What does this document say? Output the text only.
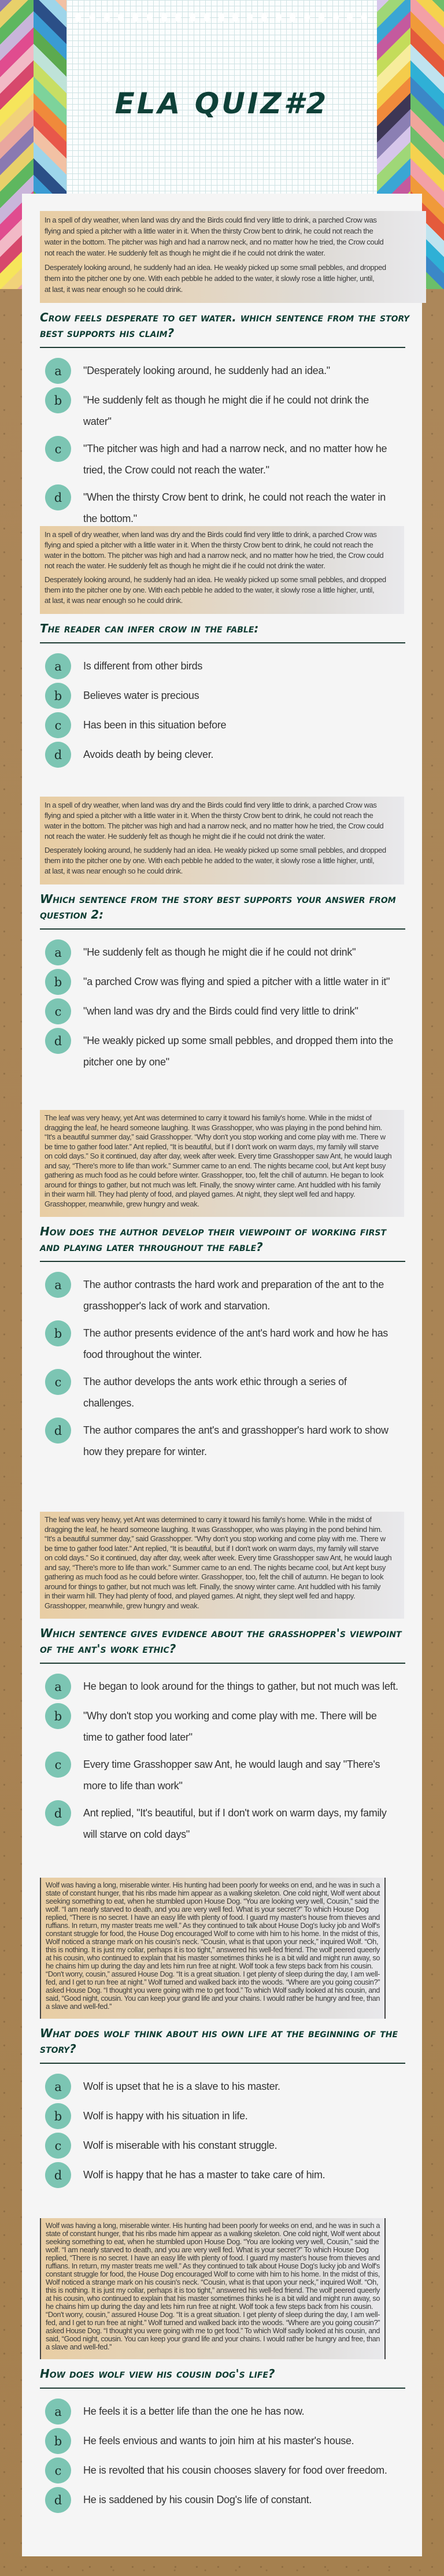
ELA QUIZ#2
In a spell of dry weather, when land was dry and the Birds could find very little to drink, a parched Crow was
flying and spied a pitcher with a little water in it. When the thirsty Crow bent to drink, he could not reach the
water in the bottom. The pitcher was high and had a narrow neck, and no matter how he tried, the Crow could
not reach the water. He suddenly felt as though he might die if he could not drink the water.
Desperately looking around, he suddenly had an idea. He weakly picked up some small pebbles, and dropped
them into the pitcher one by one. With each pebble he added to the water, it slowly rose a little higher, until,
at last, it was near enough so he could drink.
Crow feels desperate to get water. which sentence from the story best supports his claim?
a	"Desperately looking around, he suddenly had an idea."
b	"He suddenly felt as though he might die if he could not drink the water"
c	"The pitcher was high and had a narrow neck, and no matter how he tried, the Crow could not reach the water."
d	"When the thirsty Crow bent to drink, he could not reach the water in the bottom."
In a spell of dry weather, when land was dry and the Birds could find very little to drink, a parched Crow was
flying and spied a pitcher with a little water in it. When the thirsty Crow bent to drink, he could not reach the
water in the bottom. The pitcher was high and had a narrow neck, and no matter how he tried, the Crow could
not reach the water. He suddenly felt as though he might die if he could not drink the water.
Desperately looking around, he suddenly had an idea. He weakly picked up some small pebbles, and dropped
them into the pitcher one by one. With each pebble he added to the water, it slowly rose a little higher, until,
at last, it was near enough so he could drink.
The reader can infer crow in the fable:
a	Is different from other birds
b	Believes water is precious
c	Has been in this situation before
d	Avoids death by being clever.
In a spell of dry weather, when land was dry and the Birds could find very little to drink, a parched Crow was
flying and spied a pitcher with a little water in it. When the thirsty Crow bent to drink, he could not reach the
water in the bottom. The pitcher was high and had a narrow neck, and no matter how he tried, the Crow could
not reach the water. He suddenly felt as though he might die if he could not drink the water.
Desperately looking around, he suddenly had an idea. He weakly picked up some small pebbles, and dropped
them into the pitcher one by one. With each pebble he added to the water, it slowly rose a little higher, until,
at last, it was near enough so he could drink.
Which sentence from the story best supports your answer from question 2:
a	"He suddenly felt as though he might die if he could not drink"
b	"a parched Crow was flying and spied a pitcher with a little water in it"
c	"when land was dry and the Birds could find very little to drink"
d	"He weakly picked up some small pebbles, and dropped them into the pitcher one by one"
The leaf was very heavy, yet Ant was determined to carry it toward his family's home. While in the midst of
dragging the leaf, he heard someone laughing. It was Grasshopper, who was playing in the pond behind him.
“It's a beautiful summer day,” said Grasshopper. “Why don't you stop working and come play with me. There w
be time to gather food later.” Ant replied, “It is beautiful, but if I don't work on warm days, my family will starve
on cold days.” So it continued, day after day, week after week. Every time Grasshopper saw Ant, he would laugh
and say, “There's more to life than work.” Summer came to an end. The nights became cool, but Ant kept busy
gathering as much food as he could before winter. Grasshopper, too, felt the chill of autumn. He began to look
around for things to gather, but not much was left. Finally, the snowy winter came. Ant huddled with his family
in their warm hill. They had plenty of food, and played games. At night, they slept well fed and happy.
Grasshopper, meanwhile, grew hungry and weak.
How does the author develop their viewpoint of working first and playing later throughout the fable?
a	The author contrasts the hard work and preparation of the ant to the grasshopper's lack of work and starvation.
b	The author presents evidence of the ant's hard work and how he has food throughout the winter.
c	The author develops the ants work ethic through a series of challenges.
d	The author compares the ant's and grasshopper's hard work to show how they prepare for winter.
The leaf was very heavy, yet Ant was determined to carry it toward his family's home. While in the midst of
dragging the leaf, he heard someone laughing. It was Grasshopper, who was playing in the pond behind him.
“It's a beautiful summer day,” said Grasshopper. “Why don't you stop working and come play with me. There w
be time to gather food later.” Ant replied, “It is beautiful, but if I don't work on warm days, my family will starve
on cold days.” So it continued, day after day, week after week. Every time Grasshopper saw Ant, he would laugh
and say, “There's more to life than work.” Summer came to an end. The nights became cool, but Ant kept busy
gathering as much food as he could before winter. Grasshopper, too, felt the chill of autumn. He began to look
around for things to gather, but not much was left. Finally, the snowy winter came. Ant huddled with his family
in their warm hill. They had plenty of food, and played games. At night, they slept well fed and happy.
Grasshopper, meanwhile, grew hungry and weak.
Which sentence gives evidence about the grasshopper's viewpoint of the ant's work ethic?
a	He began to look around for the things to gather, but not much was left.
b	"Why don't stop you working and come play with me. There will be time to gather food later"
c	Every time Grasshopper saw Ant, he would laugh and say "There's more to life than work"
d	Ant replied, "It's beautiful, but if I don't work on warm days, my family will starve on cold days"
Wolf was having a long, miserable winter. His hunting had been poorly for weeks on end, and he was in such a
state of constant hunger, that his ribs made him appear as a walking skeleton. One cold night, Wolf went about
seeking something to eat, when he stumbled upon House Dog. “You are looking very well, Cousin,” said the
wolf. “I am nearly starved to death, and you are very well fed. What is your secret?” To which House Dog
replied, “There is no secret. I have an easy life with plenty of food. I guard my master's house from thieves and
ruffians. In return, my master treats me well.” As they continued to talk about House Dog's lucky job and Wolf's
constant struggle for food, the House Dog encouraged Wolf to come with him to his home. In the midst of this,
Wolf noticed a strange mark on his cousin's neck. “Cousin, what is that upon your neck,” inquired Wolf. “Oh,
this is nothing. It is just my collar, perhaps it is too tight,” answered his well-fed friend. The wolf peered queerly
at his cousin, who continued to explain that his master sometimes thinks he is a bit wild and might run away, so
he chains him up during the day and lets him run free at night. Wolf took a few steps back from his cousin.
“Don't worry, cousin,” assured House Dog. “It is a great situation. I get plenty of sleep during the day, I am well-
fed, and I get to run free at night.” Wolf turned and walked back into the woods. “Where are you going cousin?”
asked House Dog. “I thought you were going with me to get food.” To which Wolf sadly looked at his cousin, and
said, “Good night, cousin. You can keep your grand life and your chains. I would rather be hungry and free, than
a slave and well-fed.”
What does wolf think about his own life at the beginning of the story?
a	Wolf is upset that he is a slave to his master.
b	Wolf is happy with his situation in life.
c	Wolf is miserable with his constant struggle.
d	Wolf is happy that he has a master to take care of him.
Wolf was having a long, miserable winter. His hunting had been poorly for weeks on end, and he was in such a
state of constant hunger, that his ribs made him appear as a walking skeleton. One cold night, Wolf went about
seeking something to eat, when he stumbled upon House Dog. “You are looking very well, Cousin,” said the
wolf. “I am nearly starved to death, and you are very well fed. What is your secret?” To which House Dog
replied, “There is no secret. I have an easy life with plenty of food. I guard my master's house from thieves and
ruffians. In return, my master treats me well.” As they continued to talk about House Dog's lucky job and Wolf's
constant struggle for food, the House Dog encouraged Wolf to come with him to his home. In the midst of this,
Wolf noticed a strange mark on his cousin's neck. “Cousin, what is that upon your neck,” inquired Wolf. “Oh,
this is nothing. It is just my collar, perhaps it is too tight,” answered his well-fed friend. The wolf peered queerly
at his cousin, who continued to explain that his master sometimes thinks he is a bit wild and might run away, so
he chains him up during the day and lets him run free at night. Wolf took a few steps back from his cousin.
“Don't worry, cousin,” assured House Dog. “It is a great situation. I get plenty of sleep during the day, I am well-
fed, and I get to run free at night.” Wolf turned and walked back into the woods. “Where are you going cousin?”
asked House Dog. “I thought you were going with me to get food.” To which Wolf sadly looked at his cousin, and
said, “Good night, cousin. You can keep your grand life and your chains. I would rather be hungry and free, than
a slave and well-fed.”
How does wolf view his cousin dog's life?
a	He feels it is a better life than the one he has now.
b	He feels envious and wants to join him at his master's house.
c	He is revolted that his cousin chooses slavery for food over freedom.
d	He is saddened by his cousin Dog's life of constant.
